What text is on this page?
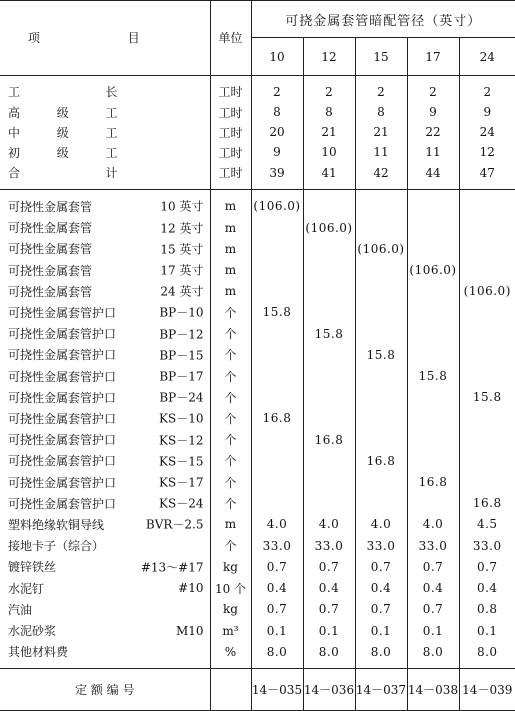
项 目	单位	可挠金属套管暗配管径（英寸）				
		10	12	15	17	24

工 长	工时	2	2	2	2	2

高 级 工	工时	8	8	8	9	9

中 级 工	工时	20	21	21	22	24

初 级 工	工时	9	10	11	11	12

合 计	工时	39	41	42	44	47

可挠性金属套管 10 英寸	m	(106.0)				
可挠性金属套管 12 英寸	m		(106.0)			
可挠性金属套管 15 英寸	m			(106.0)		
可挠性金属套管 17 英寸	m				(106.0)	
可挠性金属套管 24 英寸	m					(106.0)
可挠性金属套管护口 BP－10	个	15.8				
可挠性金属套管护口 BP－12	个		15.8			
可挠性金属套管护口 BP－15	个			15.8		
可挠性金属套管护口 BP－17	个				15.8	
可挠性金属套管护口 BP－24	个					15.8
可挠性金属套管护口 KS－10	个	16.8				
可挠性金属套管护口 KS－12	个		16.8			
可挠性金属套管护口 KS－15	个			16.8		
可挠性金属套管护口 KS－17	个				16.8	
可挠性金属套管护口 KS－24	个					16.8
塑料绝缘软铜导线 BVR－2.5	m	4.0	4.0	4.0	4.0	4.5
接地卡子（综合）	个	33.0	33.0	33.0	33.0	33.0
镀锌铁丝 #13～#17	kg	0.7	0.7	0.7	0.7	0.7
水泥钉 #10	10 个	0.4	0.4	0.4	0.4	0.4
汽油	kg	0.7	0.7	0.7	0.7	0.8
水泥砂浆 M10	m³	0.1	0.1	0.1	0.1	0.1
其他材料费	%	8.0	8.0	8.0	8.0	8.0

定 额 编 号		14－035	14－036	14－037	14－038	14－039
